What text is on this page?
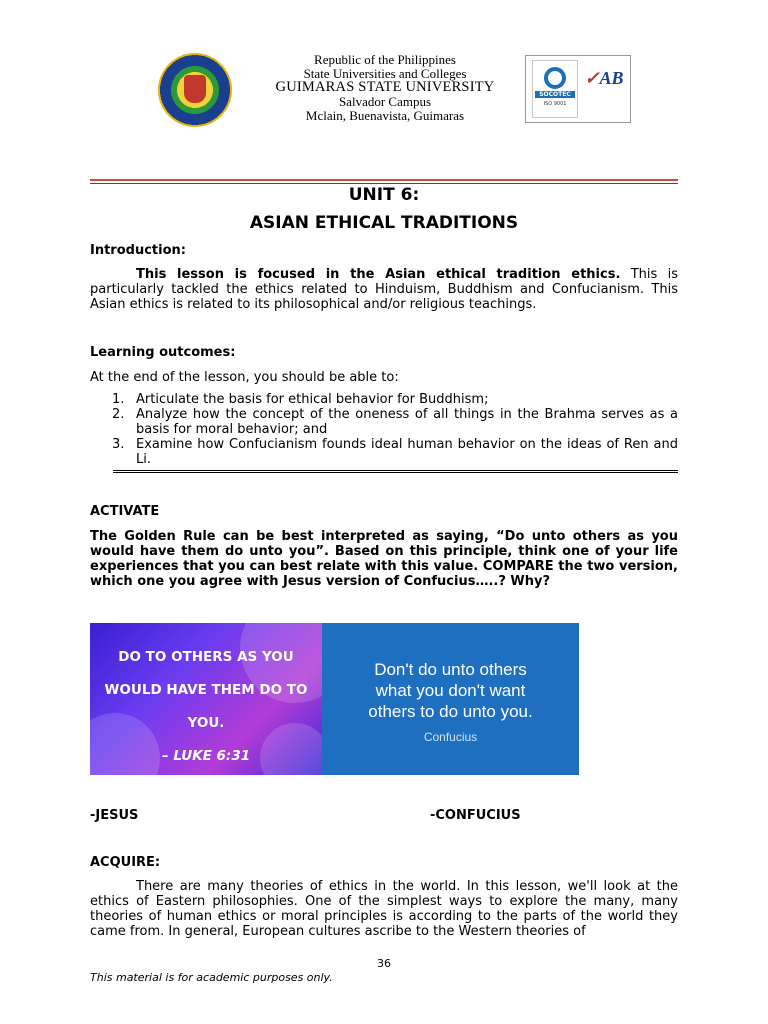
Republic of the Philippines
State Universities and Colleges
GUIMARAS STATE UNIVERSITY
Salvador Campus
Mclain, Buenavista, Guimaras
SOCOTEC
ISO 9001
✓AB
UNIT 6:
ASIAN ETHICAL TRADITIONS
Introduction:
This lesson is focused in the Asian ethical tradition ethics. This is particularly tackled the ethics related to Hinduism, Buddhism and Confucianism. This Asian ethics is related to its philosophical and/or religious teachings.
Learning outcomes:
At the end of the lesson, you should be able to:
1. Articulate the basis for ethical behavior for Buddhism;
2. Analyze how the concept of the oneness of all things in the Brahma serves as a basis for moral behavior; and
3. Examine how Confucianism founds ideal human behavior on the ideas of Ren and Li.
ACTIVATE
The Golden Rule can be best interpreted as saying, “Do unto others as you would have them do unto you”. Based on this principle, think one of your life experiences that you can best relate with this value. COMPARE the two version, which one you agree with Jesus version of Confucius…..? Why?
DO TO OTHERS AS YOU
WOULD HAVE THEM DO TO
YOU.
– LUKE 6:31
Don't do unto others
what you don't want
others to do unto you.
Confucius
-JESUS	-CONFUCIUS
ACQUIRE:
There are many theories of ethics in the world. In this lesson, we'll look at the ethics of Eastern philosophies. One of the simplest ways to explore the many, many theories of human ethics or moral principles is according to the parts of the world they came from. In general, European cultures ascribe to the Western theories of
36
This material is for academic purposes only.
